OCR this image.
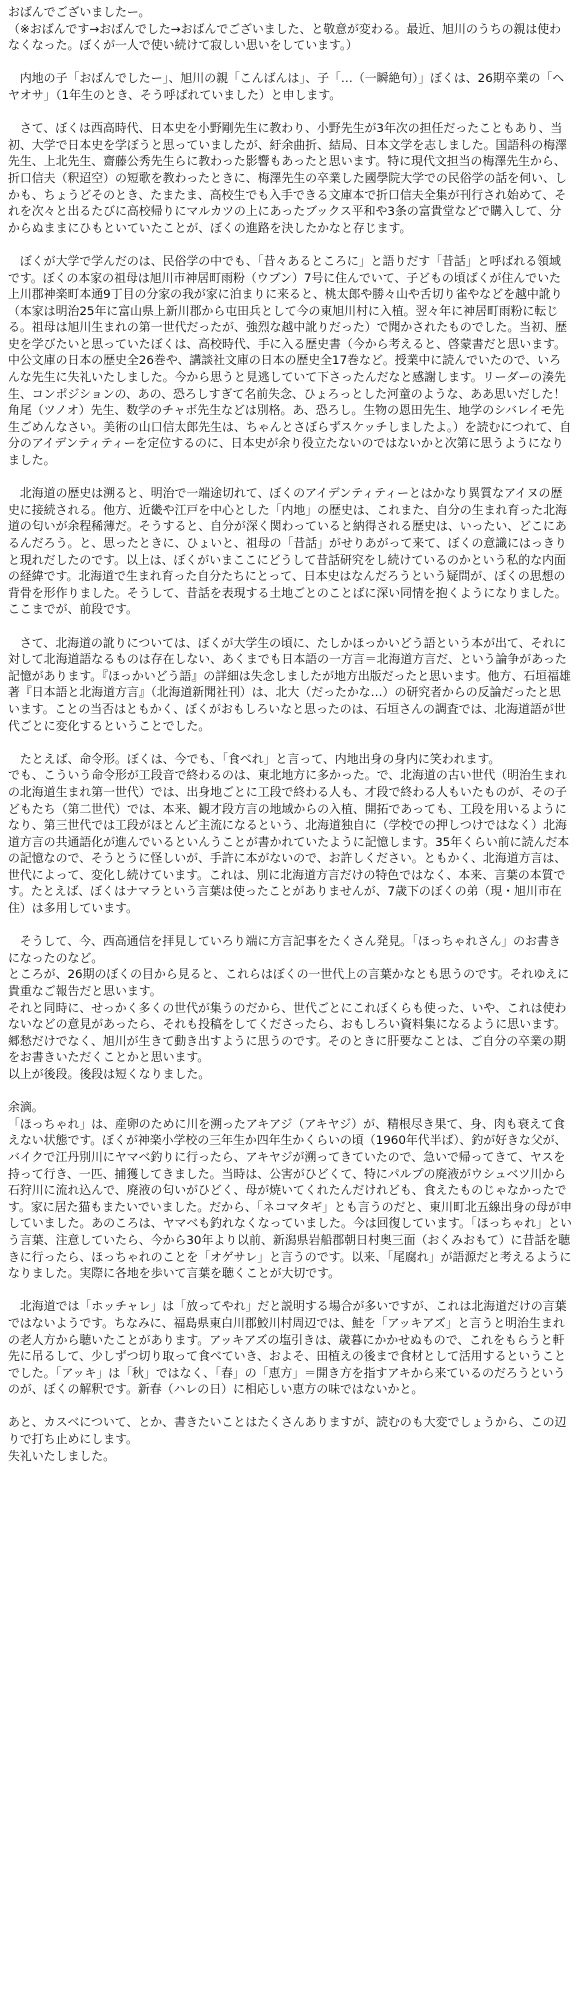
おばんでございましたー。
（※おばんです→おばんでした→おばんでございました、と敬意が変わる。最近、旭川のうちの親は使わなくなった。ぼくが一人で使い続けて寂しい思いをしています。）
　内地の子「おばんでしたー」、旭川の親「こんばんは」、子「…（一瞬絶句）」ぼくは、26期卒業の「ヘヤオサ」（1年生のとき、そう呼ばれていました）と申します。
　さて、ぼくは西高時代、日本史を小野剛先生に教わり、小野先生が3年次の担任だったこともあり、当初、大学で日本史を学ぼうと思っていましたが、紆余曲折、結局、日本文学を志しました。国語科の梅澤先生、上北先生、齋藤公秀先生らに教わった影響もあったと思います。特に現代文担当の梅澤先生から、折口信夫（釈迢空）の短歌を教わったときに、梅澤先生の卒業した國學院大学での民俗学の話を伺い、しかも、ちょうどそのとき、たまたま、高校生でも入手できる文庫本で折口信夫全集が刊行され始めて、それを次々と出るたびに高校帰りにマルカツの上にあったブックス平和や3条の富貴堂などで購入して、分からぬままにひもといていたことが、ぼくの進路を決したかなと存じます。
　ぼくが大学で学んだのは、民俗学の中でも、「昔々あるところに」と語りだす「昔話」と呼ばれる領域です。ぼくの本家の祖母は旭川市神居町雨粉（ウブン）7号に住んでいて、子どもの頃ばくが住んでいた上川郡神楽町本通9丁目の分家の我が家に泊まりに来ると、桃太郎や勝々山や舌切り雀やなどを越中訛り（本家は明治25年に富山県上新川郡から屯田兵として今の東旭川村に入植。翌々年に神居町雨粉に転じる。祖母は旭川生まれの第一世代だったが、強烈な越中訛りだった）で聞かされたものでした。当初、歴史を学びたいと思っていたぼくは、高校時代、手に入る歴史書（今から考えると、啓蒙書だと思います。中公文庫の日本の歴史全26巻や、講談社文庫の日本の歴史全17巻など。授業中に読んでいたので、いろんな先生に失礼いたしました。今から思うと見逃していて下さったんだなと感謝します。リーダーの湊先生、コンポジションの、あの、恐ろしすぎて名前失念、ひょろっとした河童のような、ああ思いだした！　角尾（ツノオ）先生、数学のチャボ先生などは別格。あ、恐ろし。生物の恩田先生、地学のシバレイモ先生ごめんなさい。美術の山口信太郎先生は、ちゃんとさぼらずスケッチしましたよ。）を読むにつれて、自分のアイデンティティーを定位するのに、日本史が余り役立たないのではないかと次第に思うようになりました。
　北海道の歴史は溯ると、明治で一端途切れて、ぼくのアイデンティティーとはかなり異質なアイヌの歴史に接続される。他方、近畿や江戸を中心とした「内地」の歴史は、これまた、自分の生まれ育った北海道の匂いが余程稀薄だ。そうすると、自分が深く関わっていると納得される歴史は、いったい、どこにあるんだろう。と、思ったときに、ひょいと、祖母の「昔話」がせりあがって来て、ぼくの意識にはっきりと現れだしたのです。以上は、ぼくがいまここにどうして昔話研究をし続けているのかという私的な内面の経緯です。北海道で生まれ育った自分たちにとって、日本史はなんだろうという疑問が、ぼくの思想の背骨を形作りました。そうして、昔話を表現する土地ごとのことばに深い同情を抱くようになりました。ここまでが、前段です。
　さて、北海道の訛りについては、ぼくが大学生の頃に、たしかほっかいどう語という本が出て、それに対して北海道語なるものは存在しない、あくまでも日本語の一方言＝北海道方言だ、という論争があった記憶があります。『ほっかいどう語』の詳細は失念しましたが地方出版だったと思います。他方、石垣福雄著『日本語と北海道方言』（北海道新聞社刊）は、北大（だったかな…）の研究者からの反論だったと思います。ことの当否はともかく、ぼくがおもしろいなと思ったのは、石垣さんの調査では、北海道語が世代ごとに変化するということでした。
　たとえば、命令形。ぼくは、今でも、「食べれ」と言って、内地出身の身内に笑われます。
でも、こういう命令形が工段音で終わるのは、東北地方に多かった。で、北海道の古い世代（明治生まれの北海道生まれ第一世代）では、出身地ごとに工段で終わる人も、才段で終わる人もいたものが、その子どもたち（第二世代）では、本来、観才段方言の地域からの入植、開拓であっても、工段を用いるようになり、第三世代では工段がほとんど主流になるという、北海道独自に（学校での押しつけではなく）北海道方言の共通語化が進んでいるといんうことが書かれていたように記憶します。35年くらい前に読んだ本の記憶なので、そうとうに怪しいが、手許に本がないので、お許しください。ともかく、北海道方言は、世代によって、変化し続けています。これは、別に北海道方言だけの特色ではなく、本来、言葉の本質です。たとえば、ぼくはナマラという言葉は使ったことがありませんが、7歳下のぼくの弟（現・旭川市在住）は多用しています。
　そうして、今、西高通信を拝見していろり端に方言記事をたくさん発見。「ほっちゃれさん」のお書きになったのなど。
ところが、26期のぼくの目から見ると、これらはぼくの一世代上の言葉かなとも思うのです。それゆえに貴重なご報告だと思います。
それと同時に、せっかく多くの世代が集うのだから、世代ごとにこれぼくらも使った、いや、これは使わないなどの意見があったら、それも投稿をしてくださったら、おもしろい資料集になるように思います。郷愁だけでなく、旭川が生きて動き出すように思うのです。そのときに肝要なことは、ご自分の卒業の期をお書きいただくことかと思います。
以上が後段。後段は短くなりました。
余滴。
「ほっちゃれ」は、産卵のために川を溯ったアキアジ（アキヤジ）が、精根尽き果て、身、肉も衰えて食えない状態です。ぼくが神楽小学校の三年生か四年生かくらいの頃（1960年代半ば）、釣が好きな父が、バイクで江丹別川にヤマベ釣りに行ったら、アキヤジが溯ってきていたので、急いで帰ってきて、ヤスを持って行き、一匹、捕獲してきました。当時は、公害がひどくて、特にパルプの廃液がウシュベツ川から石狩川に流れ込んで、廃液の匂いがひどく、母が焼いてくれたんだけれども、食えたものじゃなかったです。家に居た猫もまたいでいました。だから、「ネコマタギ」とも言うのだと、東川町北五線出身の母が申していました。あのころは、ヤマベも釣れなくなっていました。今は回復しています。「ほっちゃれ」という言葉、注意していたら、今から30年より以前、新潟県岩船郡朝日村奥三面（おくみおもて）に昔話を聴きに行ったら、ほっちゃれのことを「オゲサレ」と言うのです。以来、「尾腐れ」が語源だと考えるようになりました。実際に各地を歩いて言葉を聴くことが大切です。
　北海道では「ホッチャレ」は「放ってやれ」だと説明する場合が多いですが、これは北海道だけの言葉ではないようです。ちなみに、福島県東白川郡鮫川村周辺では、鮭を「アッキアズ」と言うと明治生まれの老人方から聴いたことがあります。アッキアズの塩引きは、歳暮にかかせぬもので、これをもらうと軒先に吊るして、少しずつ切り取って食べていき、およそ、田植えの後まで食材として活用するということでした。「アッキ」は「秋」ではなく、「春」の「恵方」＝開き方を指すアキから来ているのだろうというのが、ぼくの解釈です。新春（ハレの日）に相応しい恵方の味ではないかと。
あと、カスベについて、とか、書きたいことはたくさんありますが、読むのも大変でしょうから、この辺りで打ち止めにします。
失礼いたしました。
